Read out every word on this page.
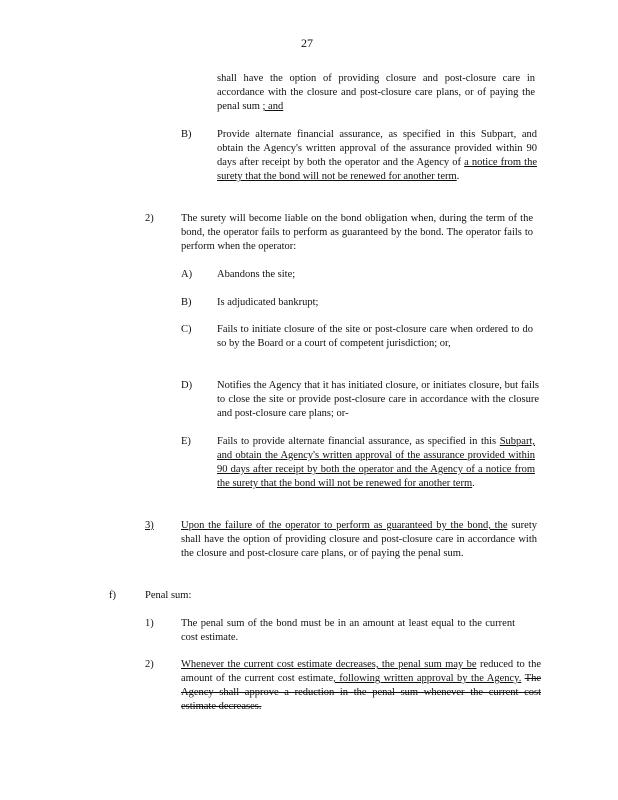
27
shall have the option of providing closure and post-closure care in accordance with the closure and post-closure care plans, or of paying the penal sum ; and
B) Provide alternate financial assurance, as specified in this Subpart, and obtain the Agency's written approval of the assurance provided within 90 days after receipt by both the operator and the Agency of a notice from the surety that the bond will not be renewed for another term.
2)	The surety will become liable on the bond obligation when, during the term of the bond, the operator fails to perform as guaranteed by the bond. The operator fails to perform when the operator:
A) Abandons the site;
B) Is adjudicated bankrupt;
C) Fails to initiate closure of the site or post-closure care when ordered to do so by the Board or a court of competent jurisdiction; or,
D) Notifies the Agency that it has initiated closure, or initiates closure, but fails to close the site or provide post-closure care in accordance with the closure and post-closure care plans; or-
E) Fails to provide alternate financial assurance, as specified in this Subpart, and obtain the Agency's written approval of the assurance provided within 90 days after receipt by both the operator and the Agency of a notice from the surety that the bond will not be renewed for another term.
3)	Upon the failure of the operator to perform as guaranteed by the bond, the surety shall have the option of providing closure and post-closure care in accordance with the closure and post-closure care plans, or of paying the penal sum.
f)	Penal sum:
1)	The penal sum of the bond must be in an amount at least equal to the current cost estimate.
2)	Whenever the current cost estimate decreases, the penal sum may be reduced to the amount of the current cost estimate, following written approval by the Agency. The Agency shall approve a reduction in the penal sum whenever the current cost estimate decreases.
